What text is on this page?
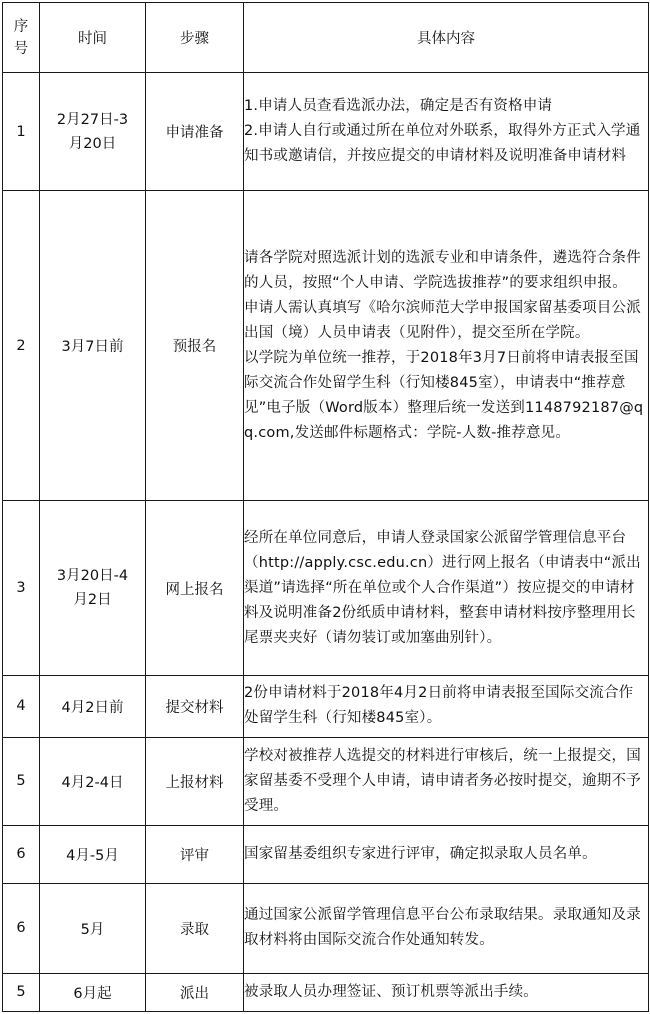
序号	时间	步骤	具体内容
1	2月27日-3月20日	申请准备	1.申请人员查看选派办法，确定是否有资格申请

2.申请人自行或通过所在单位对外联系，取得外方正式入学通知书或邀请信，并按应提交的申请材料及说明准备申请材料

2	3月7日前	预报名	请各学院对照选派计划的选派专业和申请条件，遴选符合条件的人员，按照“个人申请、学院选拔推荐”的要求组织申报。

申请人需认真填写《哈尔滨师范大学申报国家留基委项目公派出国（境）人员申请表（见附件），提交至所在学院。

以学院为单位统一推荐，于2018年3月7日前将申请表报至国际交流合作处留学生科（行知楼845室），申请表中“推荐意见”电子版（Word版本）整理后统一发送到1148792187@qq.com,发送邮件标题格式：学院-人数-推荐意见。

3	3月20日-4月2日	网上报名	经所在单位同意后，申请人登录国家公派留学管理信息平台（http://apply.csc.edu.cn）进行网上报名（申请表中“派出渠道”请选择“所在单位或个人合作渠道”）按应提交的申请材料及说明准备2份纸质申请材料，整套申请材料按序整理用长尾票夹夹好（请勿装订或加塞曲别针）。

4	4月2日前	提交材料	2份申请材料于2018年4月2日前将申请表报至国际交流合作处留学生科（行知楼845室）。

5	4月2-4日	上报材料	学校对被推荐人选提交的材料进行审核后，统一上报提交，国家留基委不受理个人申请，请申请者务必按时提交，逾期不予受理。

6	4月-5月	评审	国家留基委组织专家进行评审，确定拟录取人员名单。

6	5月	录取	通过国家公派留学管理信息平台公布录取结果。录取通知及录取材料将由国际交流合作处通知转发。

5	6月起	派出	被录取人员办理签证、预订机票等派出手续。
